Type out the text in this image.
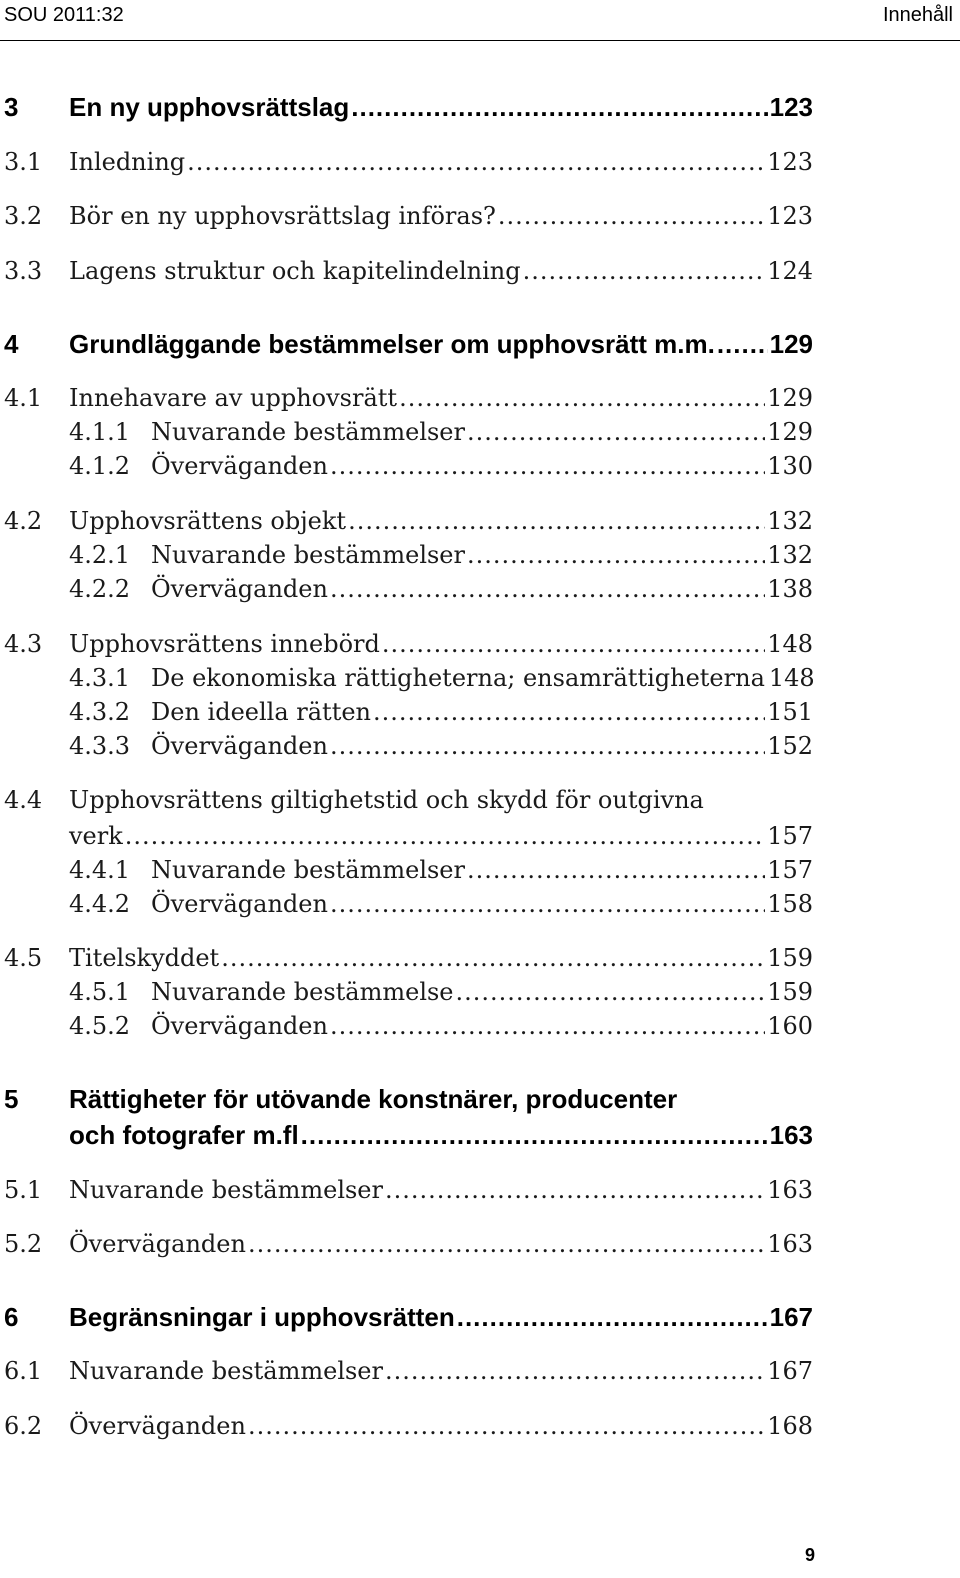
SOU 2011:32	Innehåll
3 En ny upphovsrättslag .....	123
3.1 Inledning .....	123
3.2 Bör en ny upphovsrättslag införas? .....	123
3.3 Lagens struktur och kapitelindelning .....	124
4 Grundläggande bestämmelser om upphovsrätt m.m. ..... 129
4.1 Innehavare av upphovsrätt .....	129
4.1.1 Nuvarande bestämmelser .....	129
4.1.2 Överväganden .....	130
4.2 Upphovsrättens objekt .....	132
4.2.1 Nuvarande bestämmelser .....	132
4.2.2 Överväganden .....	138
4.3 Upphovsrättens innebörd .....	148
4.3.1 De ekonomiska rättigheterna; ensamrättigheterna 148
4.3.2 Den ideella rätten .....	151
4.3.3 Överväganden .....	152
4.4 Upphovsrättens giltighetstid och skydd för outgivna
verk .....	157
4.4.1 Nuvarande bestämmelser .....	157
4.4.2 Överväganden .....	158
4.5 Titelskyddet .....	159
4.5.1 Nuvarande bestämmelse .....	159
4.5.2 Överväganden .....	160
5 Rättigheter för utövande konstnärer, producenter
och fotografer m.fl .....	163
5.1 Nuvarande bestämmelser .....	163
5.2 Överväganden .....	163
6 Begränsningar i upphovsrätten .....	167
6.1 Nuvarande bestämmelser .....	167
6.2 Överväganden .....	168
9
